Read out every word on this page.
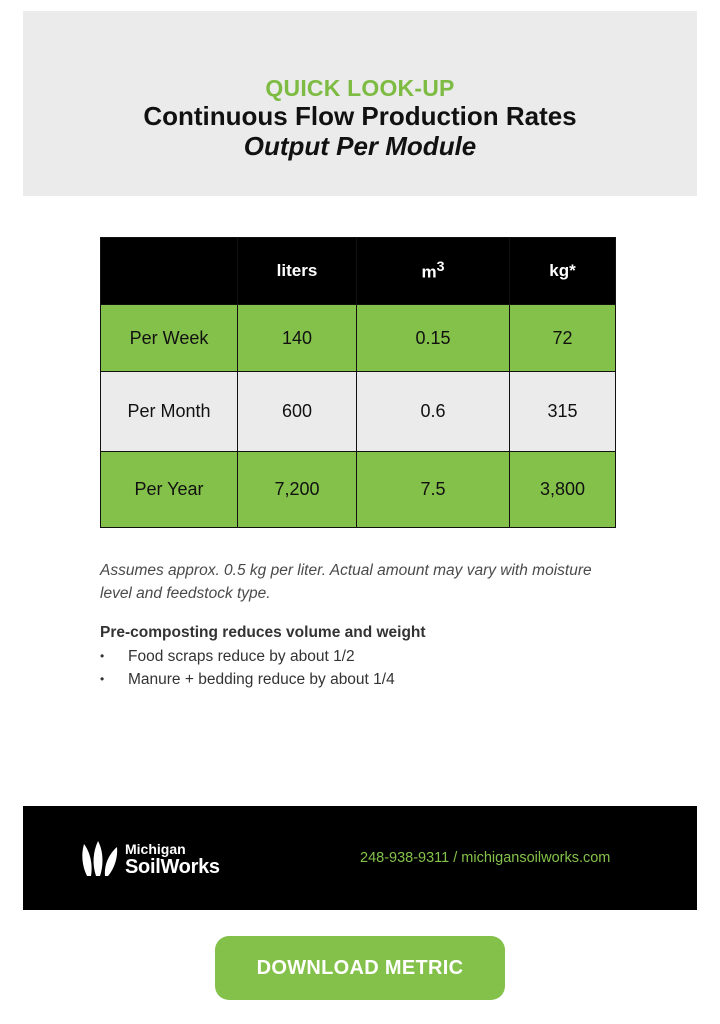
QUICK LOOK-UP
Continuous Flow Production Rates
Output Per Module
	liters	$m^3$	kg*
Per Week	140	0.15	72
Per Month	600	0.6	315
Per Year	7,200	7.5	3,800
Assumes approx. 0.5 kg per liter. Actual amount may vary with moisture level and feedstock type.
Pre-composting reduces volume and weight
• Food scraps reduce by about 1/2
• Manure + bedding reduce by about 1/4
Michigan
SoilWorks	248-938-9311 / michigansoilworks.com
DOWNLOAD METRIC
